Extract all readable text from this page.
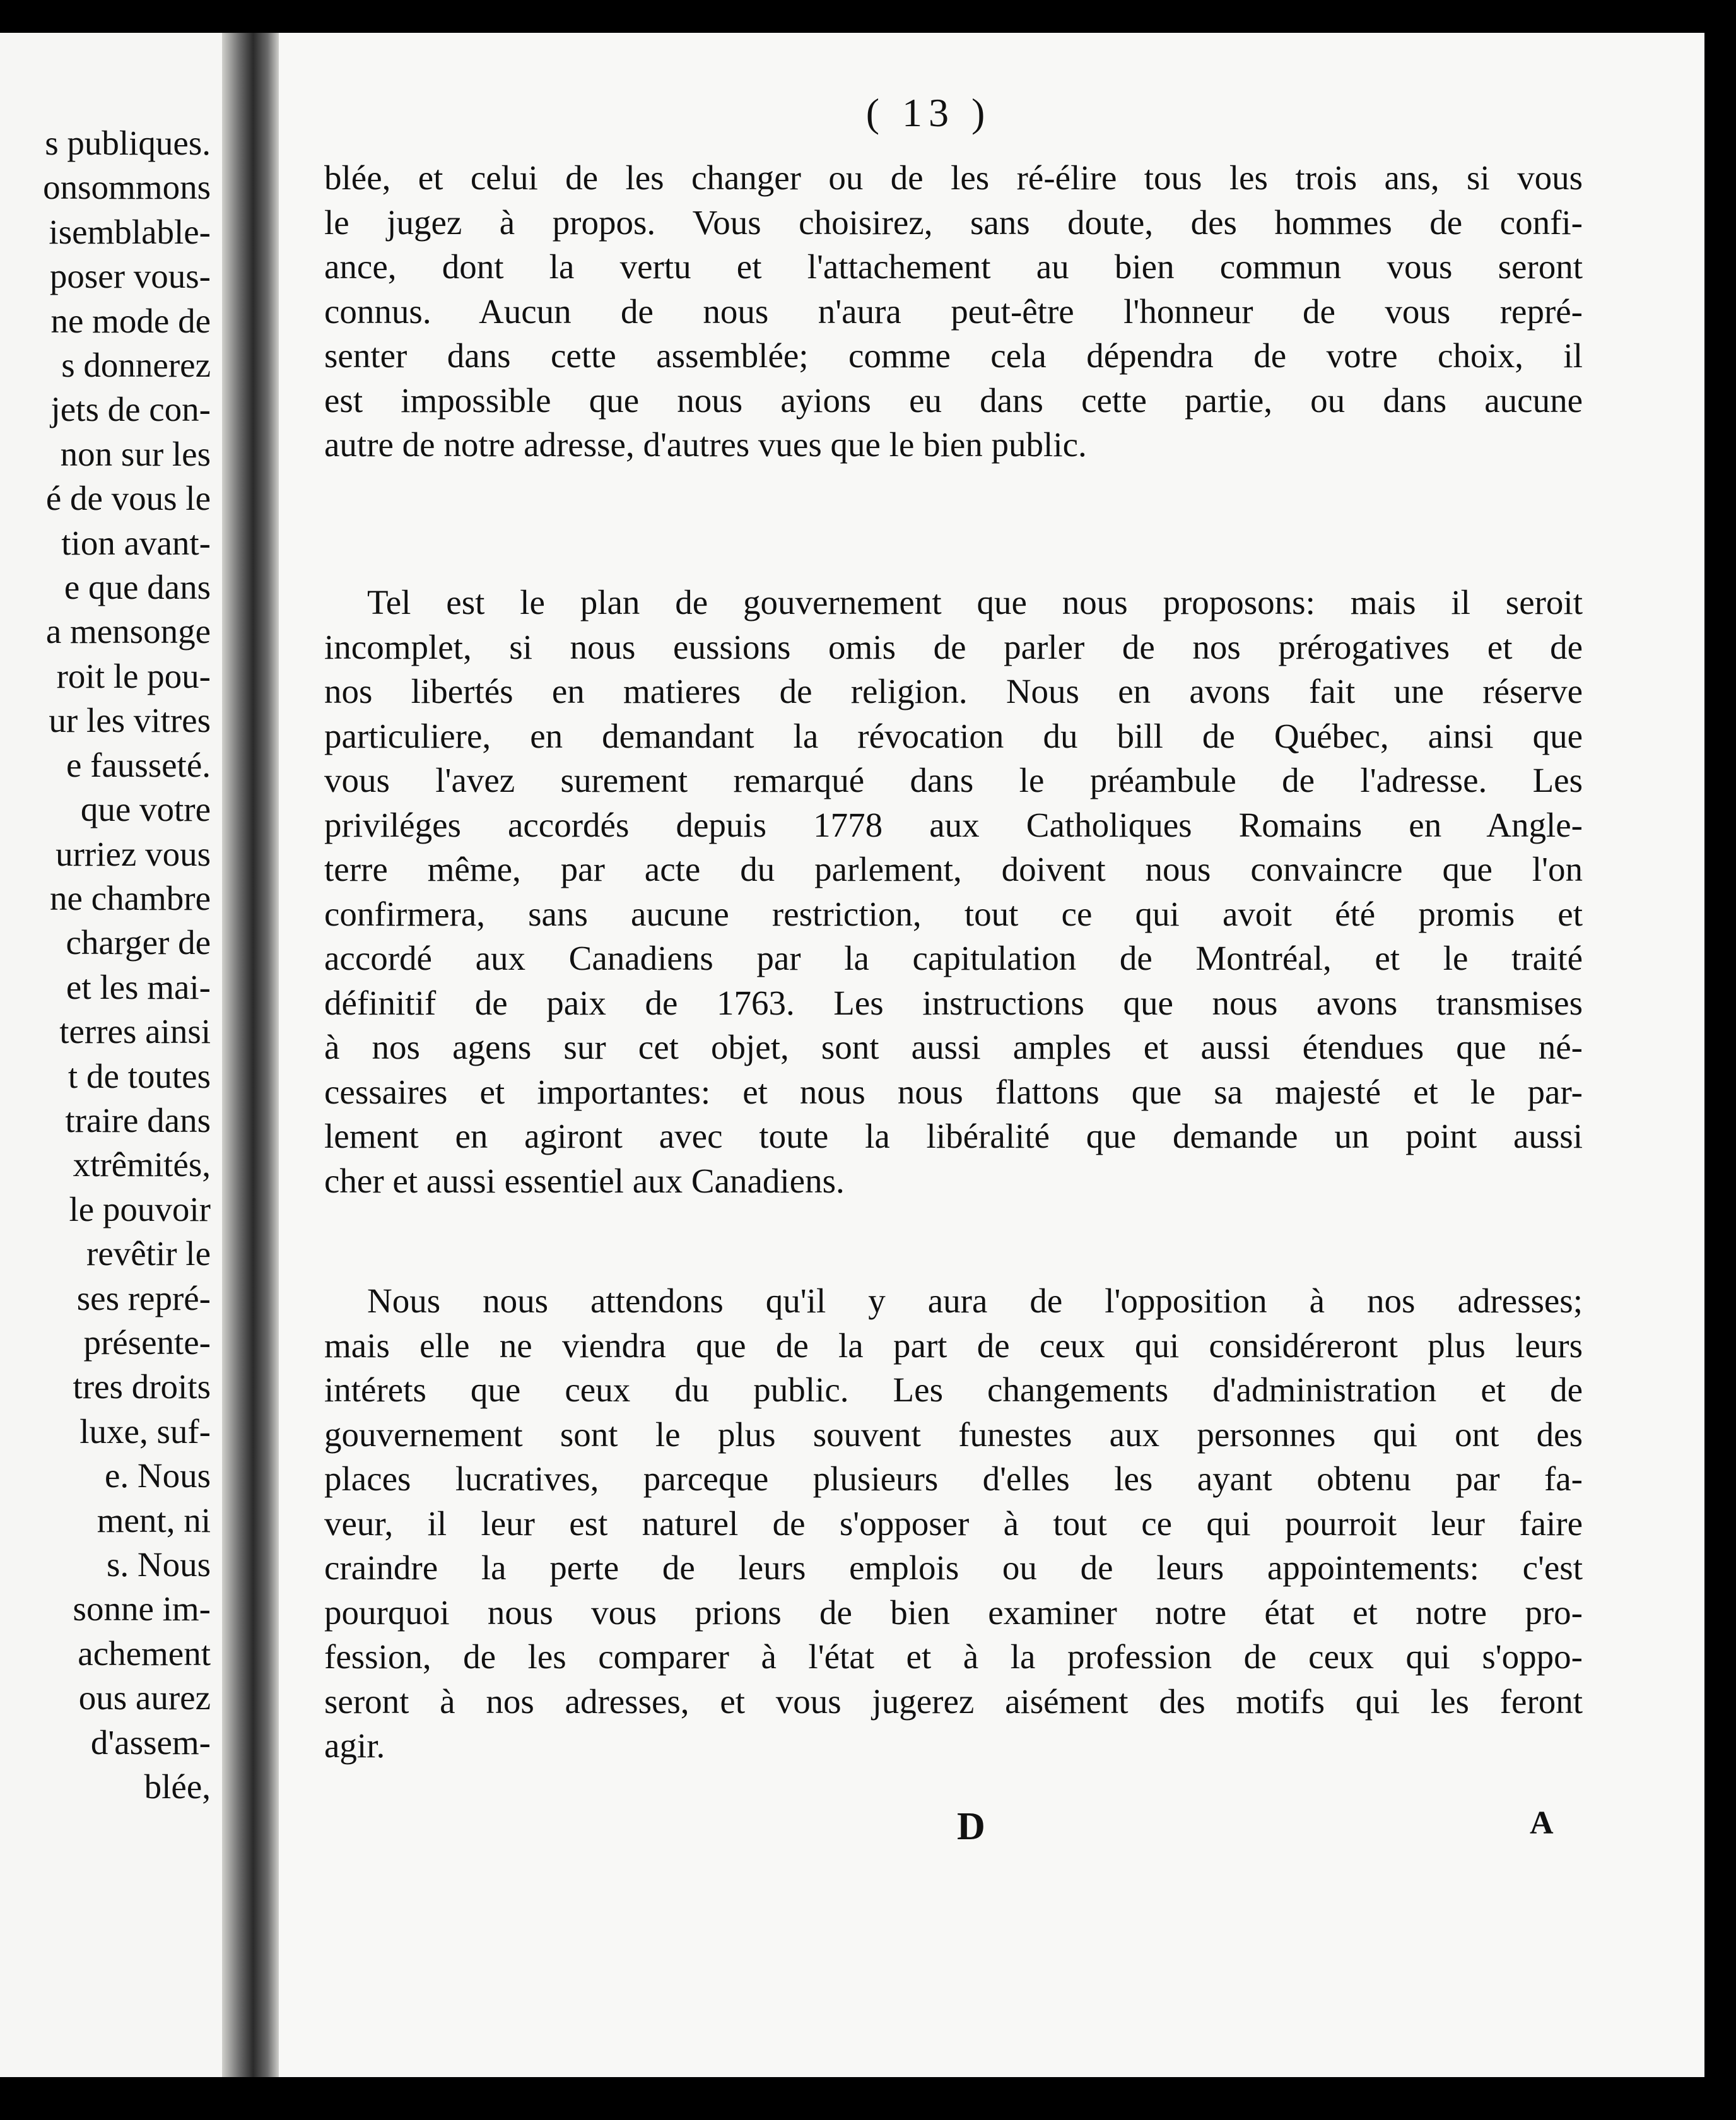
s publiques.
onsommons
isemblable-
poser vous-
ne mode de
s donnerez
jets de con-
non sur les
é de vous le
tion avant-
e que dans
a mensonge
roit le pou-
ur les vitres
e fausseté.
que votre
urriez vous
ne chambre
charger de
et les mai-
terres ainsi
t de toutes
traire dans
xtrêmités,
le pouvoir
revêtir le
ses repré-
présente-
tres droits
luxe, suf-
e. Nous
ment, ni
s. Nous
sonne im-
achement
ous aurez
d'assem-
blée,
( 13 )
blée, et celui de les changer ou de les ré-élire tous les trois ans, si vous
le jugez à propos. Vous choisirez, sans doute, des hommes de confi-
ance, dont la vertu et l'attachement au bien commun vous seront
connus. Aucun de nous n'aura peut-être l'honneur de vous repré-
senter dans cette assemblée; comme cela dépendra de votre choix, il
est impossible que nous ayions eu dans cette partie, ou dans aucune
autre de notre adresse, d'autres vues que le bien public.
Tel est le plan de gouvernement que nous proposons: mais il seroit
incomplet, si nous eussions omis de parler de nos prérogatives et de
nos libertés en matieres de religion. Nous en avons fait une réserve
particuliere, en demandant la révocation du bill de Québec, ainsi que
vous l'avez surement remarqué dans le préambule de l'adresse. Les
priviléges accordés depuis 1778 aux Catholiques Romains en Angle-
terre même, par acte du parlement, doivent nous convaincre que l'on
confirmera, sans aucune restriction, tout ce qui avoit été promis et
accordé aux Canadiens par la capitulation de Montréal, et le traité
définitif de paix de 1763. Les instructions que nous avons transmises
à nos agens sur cet objet, sont aussi amples et aussi étendues que né-
cessaires et importantes: et nous nous flattons que sa majesté et le par-
lement en agiront avec toute la libéralité que demande un point aussi
cher et aussi essentiel aux Canadiens.
Nous nous attendons qu'il y aura de l'opposition à nos adresses;
mais elle ne viendra que de la part de ceux qui considéreront plus leurs
intérets que ceux du public. Les changements d'administration et de
gouvernement sont le plus souvent funestes aux personnes qui ont des
places lucratives, parceque plusieurs d'elles les ayant obtenu par fa-
veur, il leur est naturel de s'opposer à tout ce qui pourroit leur faire
craindre la perte de leurs emplois ou de leurs appointements: c'est
pourquoi nous vous prions de bien examiner notre état et notre pro-
fession, de les comparer à l'état et à la profession de ceux qui s'oppo-
seront à nos adresses, et vous jugerez aisément des motifs qui les feront
agir.
D	A
